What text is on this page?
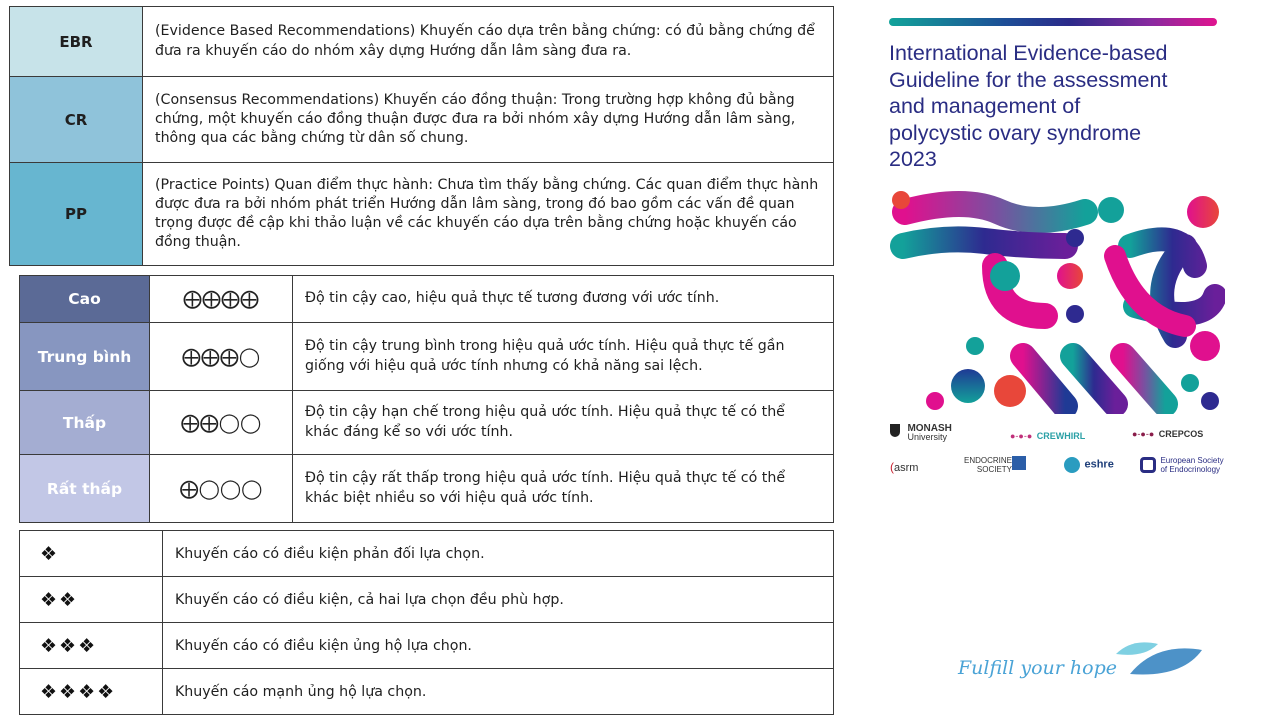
EBR	(Evidence Based Recommendations) Khuyến cáo dựa trên bằng chứng: có đủ bằng chứng để đưa ra khuyến cáo do nhóm xây dựng Hướng dẫn lâm sàng đưa ra.
CR	(Consensus Recommendations) Khuyến cáo đồng thuận: Trong trường hợp không đủ bằng chứng, một khuyến cáo đồng thuận được đưa ra bởi nhóm xây dựng Hướng dẫn lâm sàng, thông qua các bằng chứng từ dân số chung.
PP	(Practice Points) Quan điểm thực hành: Chưa tìm thấy bằng chứng. Các quan điểm thực hành được đưa ra bởi nhóm phát triển Hướng dẫn lâm sàng, trong đó bao gồm các vấn đề quan trọng được đề cập khi thảo luận về các khuyến cáo dựa trên bằng chứng hoặc khuyến cáo đồng thuận.
Cao	⨁⨁⨁⨁	Độ tin cậy cao, hiệu quả thực tế tương đương với ước tính.
Trung bình	⨁⨁⨁◯	Độ tin cậy trung bình trong hiệu quả ước tính. Hiệu quả thực tế gần giống với hiệu quả ước tính nhưng có khả năng sai lệch.
Thấp	⨁⨁◯◯	Độ tin cậy hạn chế trong hiệu quả ước tính. Hiệu quả thực tế có thể khác đáng kể so với ước tính.
Rất thấp	⨁◯◯◯	Độ tin cậy rất thấp trong hiệu quả ước tính. Hiệu quả thực tế có thể khác biệt nhiều so với hiệu quả ước tính.
❖	Khuyến cáo có điều kiện phản đối lựa chọn.
❖❖	Khuyến cáo có điều kiện, cả hai lựa chọn đều phù hợp.
❖❖❖	Khuyến cáo có điều kiện ủng hộ lựa chọn.
❖❖❖❖	Khuyến cáo mạnh ủng hộ lựa chọn.
International Evidence-based
Guideline for the assessment
and management of
polycystic ovary syndrome
2023

MONASH
University	●-●-● CREWHIRL	●-●-● CREPCOS
(asrm
ENDOCRINE
SOCIETY	eshre
	European Society
of Endocrinology
Fulfill your hope
